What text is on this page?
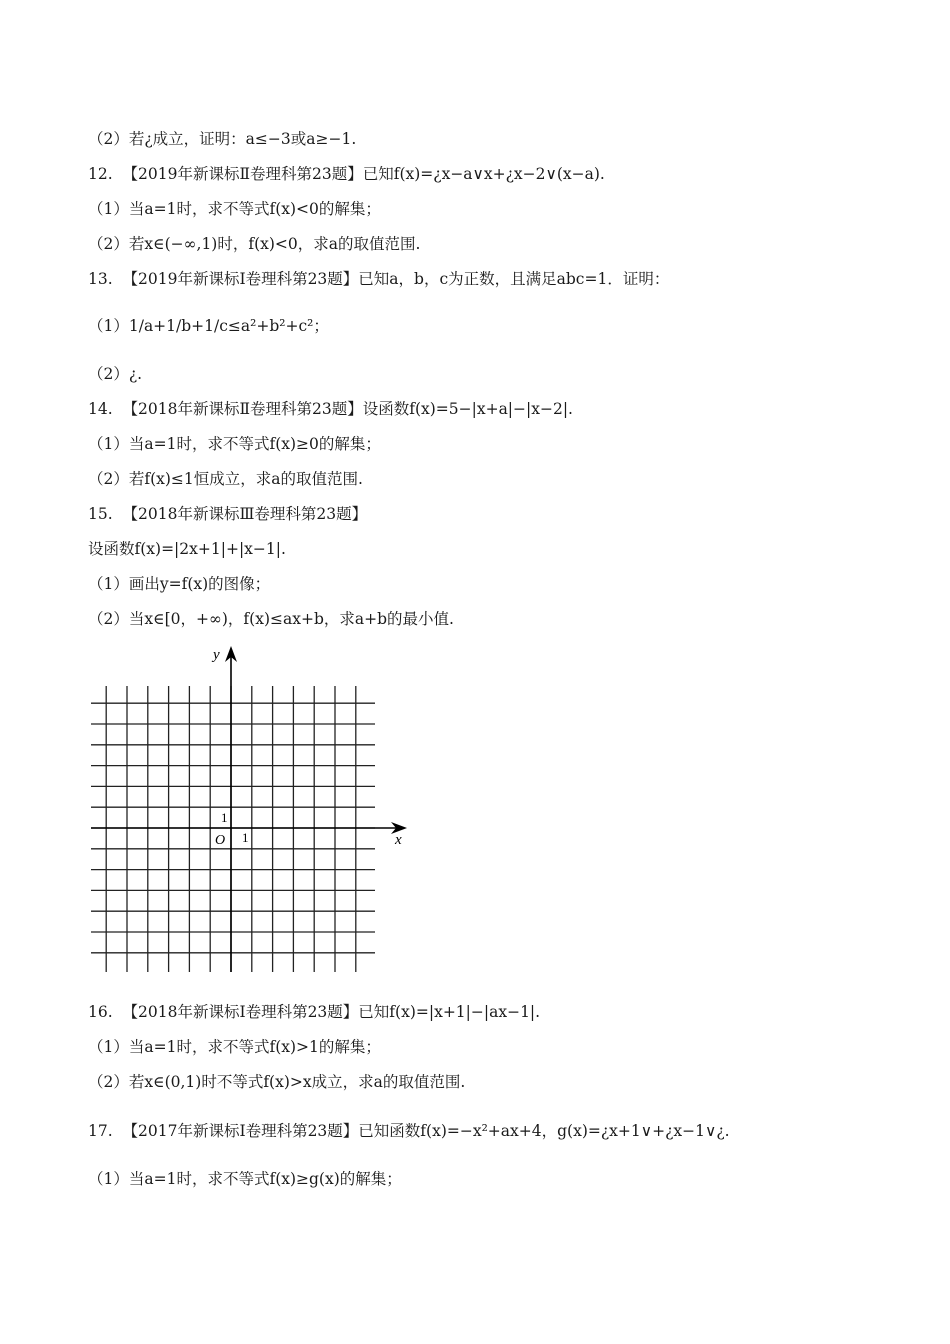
（2）若¿成立，证明：a≤−3或a≥−1.
12.  【2019年新课标Ⅱ卷理科第23题】已知f(x)=¿x−a∨x+¿x−2∨(x−a).
（1）当a=1时，求不等式f(x)<0的解集；
（2）若x∈(−∞,1)时，f(x)<0，求a的取值范围.
13.  【2019年新课标Ⅰ卷理科第23题】已知a，b，c为正数，且满足abc=1．证明：
（1）1/a+1/b+1/c≤a²+b²+c²；
（2）¿.
14.  【2018年新课标Ⅱ卷理科第23题】设函数f(x)=5−|x+a|−|x−2|.
（1）当a=1时，求不等式f(x)≥0的解集；
（2）若f(x)≤1恒成立，求a的取值范围.
15.  【2018年新课标Ⅲ卷理科第23题】
设函数f(x)=|2x+1|+|x−1|.
（1）画出y=f(x)的图像；
（2）当x∈[0，+∞)，f(x)≤ax+b，求a+b的最小值.
y
x
O 1
1
16.  【2018年新课标Ⅰ卷理科第23题】已知f(x)=|x+1|−|ax−1|.
（1）当a=1时，求不等式f(x)>1的解集；
（2）若x∈(0,1)时不等式f(x)>x成立，求a的取值范围.
17.  【2017年新课标Ⅰ卷理科第23题】已知函数f(x)=−x²+ax+4，g(x)=¿x+1∨+¿x−1∨¿.
（1）当a=1时，求不等式f(x)≥g(x)的解集；
